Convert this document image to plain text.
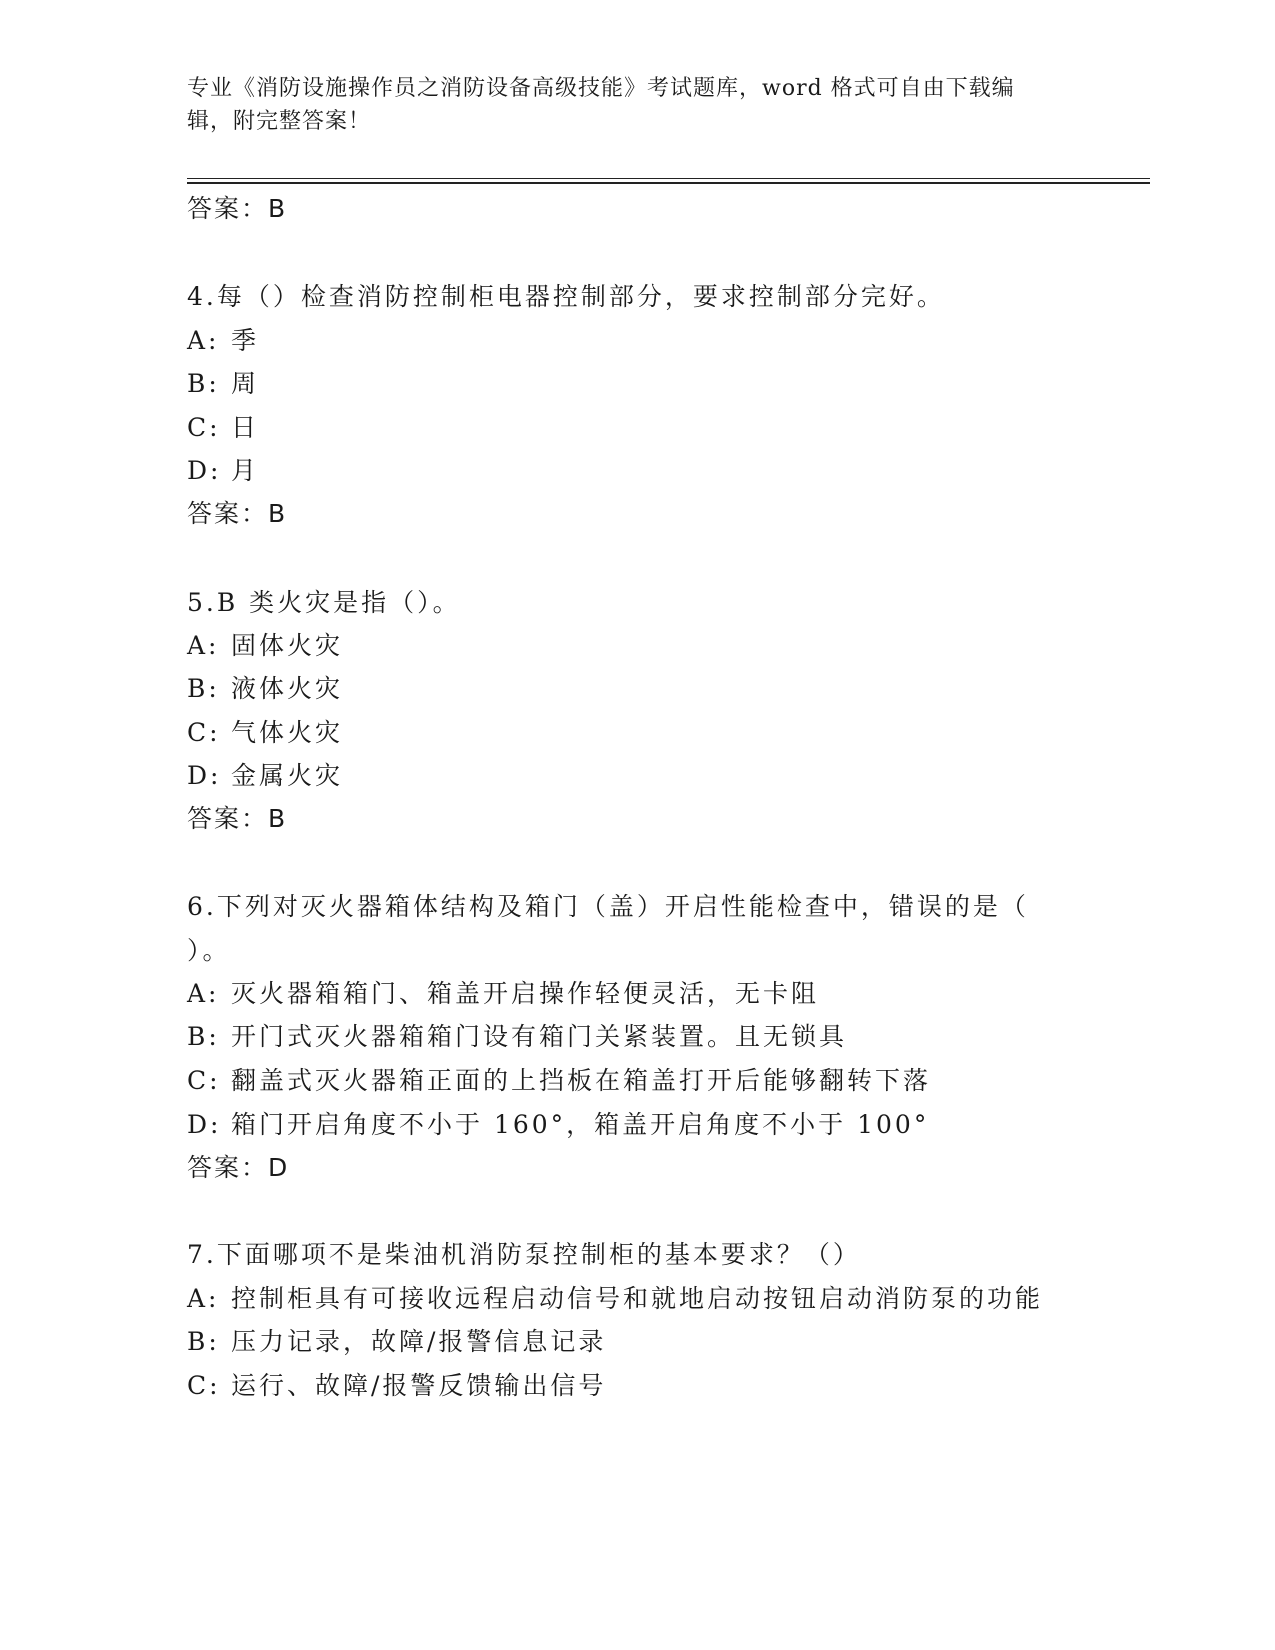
专业《消防设施操作员之消防设备高级技能》考试题库，word 格式可自由下载编
辑，附完整答案！
答案：B
4.每（）检查消防控制柜电器控制部分，要求控制部分完好。
A: 季
B: 周
C: 日
D: 月
答案：B
5.B 类火灾是指（）。
A: 固体火灾
B: 液体火灾
C: 气体火灾
D: 金属火灾
答案：B
6.下列对灭火器箱体结构及箱门（盖）开启性能检查中，错误的是（
）。
A: 灭火器箱箱门、箱盖开启操作轻便灵活，无卡阻
B: 开门式灭火器箱箱门设有箱门关紧装置。且无锁具
C: 翻盖式灭火器箱正面的上挡板在箱盖打开后能够翻转下落
D: 箱门开启角度不小于 160°，箱盖开启角度不小于 100°
答案：D
7.下面哪项不是柴油机消防泵控制柜的基本要求？（）
A: 控制柜具有可接收远程启动信号和就地启动按钮启动消防泵的功能
B: 压力记录，故障/报警信息记录
C: 运行、故障/报警反馈输出信号
